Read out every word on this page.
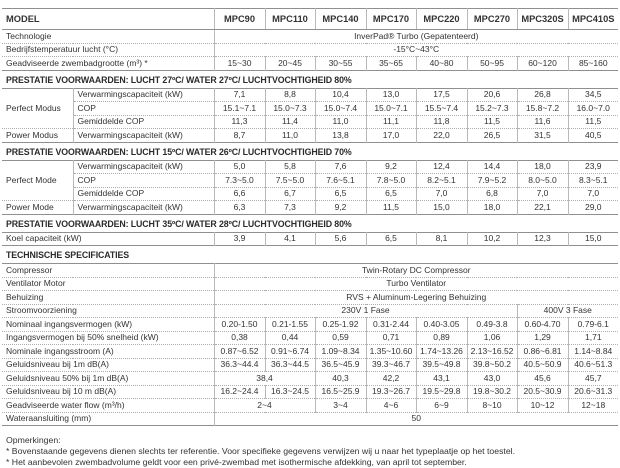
MODEL	MPC90	MPC110	MPC140	MPC170	MPC220	MPC270	MPC320S	MPC410S
Technologie	InverPad® Turbo (Gepatenteerd)							
Bedrijfstemperatuur lucht (°C)	-15°C~43°C							
Geadviseerde zwembadgrootte (m³) *	15~30	20~45	30~55	35~65	40~80	50~95	60~120	85~160
PRESTATIE VOORWAARDEN: LUCHT 27ºC/ WATER 27ºC/ LUCHTVOCHTIGHEID 80%
Perfect Modus	Verwarmingscapaciteit (kW)	7,1	8,8	10,4	13,0	17,5	20,6	26,8	34,5
	COP	15.1~7.1	15.0~7.3	15.0~7.4	15.0~7.1	15.5~7.4	15.2~7.3	15.8~7.2	16.0~7.0
	Gemiddelde COP	11,3	11,4	11,0	11,1	11,8	11,5	11,6	11,5
Power Modus	Verwarmingscapaciteit (kW)	8,7	11,0	13,8	17,0	22,0	26,5	31,5	40,5
PRESTATIE VOORWAARDEN: LUCHT 15ºC/ WATER 26ºC/ LUCHTVOCHTIGHEID 70%
Perfect Mode	Verwarmingscapaciteit (kW)	5,0	5,8	7,6	9,2	12,4	14,4	18,0	23,9
	COP	7.3~5.0	7.5~5.0	7.6~5.1	7.8~5.0	8.2~5.1	7.9~5.2	8.0~5.0	8.3~5.1
	Gemiddelde COP	6,6	6,7	6,5	6,5	7,0	6,8	7,0	7,0
Power Mode	Verwarmingscapaciteit (kW)	6,3	7,3	9,2	11,5	15,0	18,0	22,1	29,0
PRESTATIE VOORWAARDEN: LUCHT 35ºC/ WATER 28ºC/ LUCHTVOCHTIGHEID 80%
Koel capaciteit (kW)	3,9	4,1	5,6	6,5	8,1	10,2	12,3	15,0
TECHNISCHE SPECIFICATIES
Compressor	Twin-Rotary DC Compressor							
Ventilator Motor	Turbo Ventilator							
Behuizing	RVS + Aluminum-Legering Behuizing							
Stroomvoorziening	230V 1 Fase						400V 3 Fase	
Nominaal ingangsvermogen (kW)	0.20-1.50	0.21-1.55	0.25-1.92	0.31-2.44	0.40-3.05	0.49-3.8	0.60-4.70	0.79-6.1
Ingangsvermogen bij 50% snelheid (kW)	0,38	0,44	0,59	0,71	0,89	1,06	1,29	1,71
Nominale ingangsstroom (A)	0.87~6.52	0.91~6.74	1.09~8.34	1.35~10.60	1.74~13.26	2.13~16.52	0.86~6.81	1.14~8.84
Geluidsniveau bij 1m dB(A)	36.3~44.4	36.3~44.5	36.5~45.9	39.3~46.7	39.5~49.8	39.8~50.2	40.5~50.9	40.6~51.3
Geluidsniveau 50% bij 1m dB(A)	38,4		40,3	42,2	43,1	43,0	45,6	45,7
Geluidsniveau bij 10 m dB(A)	16.2~24.4	16.3~24.5	16.5~25.9	19.3~26.7	19.5~29.8	19.8~30.2	20.5~30.9	20.6~31.3
Geadviseerde water flow (m³/h)	2~4		3~4	4~6	6~9	8~10	10~12	12~18
Wateraansluiting (mm)	50							
Opmerkingen:
* Bovenstaande gegevens dienen slechts ter referentie. Voor specifieke gegevens verwijzen wij u naar het typeplaatje op het toestel.
* Het aanbevolen zwembadvolume geldt voor een privé-zwembad met isothermische afdekking, van april tot september.
